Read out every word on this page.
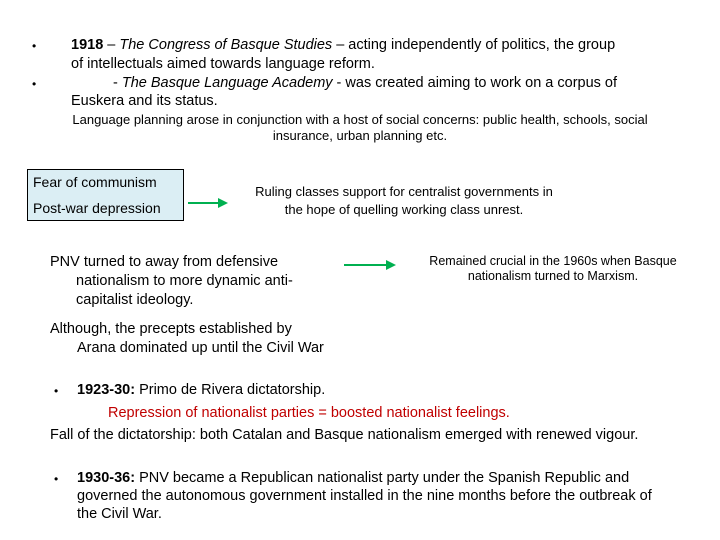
• 1918 – The Congress of Basque Studies – acting independently of politics, the group
of intellectuals aimed towards language reform.
•	- The Basque Language Academy - was created aiming to work on a corpus of
Euskera and its status.
Language planning arose in conjunction with a host of social concerns: public health, schools, social
insurance, urban planning etc.
Fear of communism
Post-war depression
Ruling classes support for centralist governments in
the hope of quelling working class unrest.
PNV turned to away from defensive
nationalism to more dynamic anti-
capitalist ideology.
Remained crucial in the 1960s when Basque
nationalism turned to Marxism.
Although, the precepts established by
Arana dominated up until the Civil War
• 1923-30: Primo de Rivera dictatorship.
Repression of nationalist parties = boosted nationalist feelings.
Fall of the dictatorship: both Catalan and Basque nationalism emerged with renewed vigour.
• 1930-36: PNV became a Republican nationalist party under the Spanish Republic and
governed the autonomous government installed in the nine months before the outbreak of
the Civil War.
